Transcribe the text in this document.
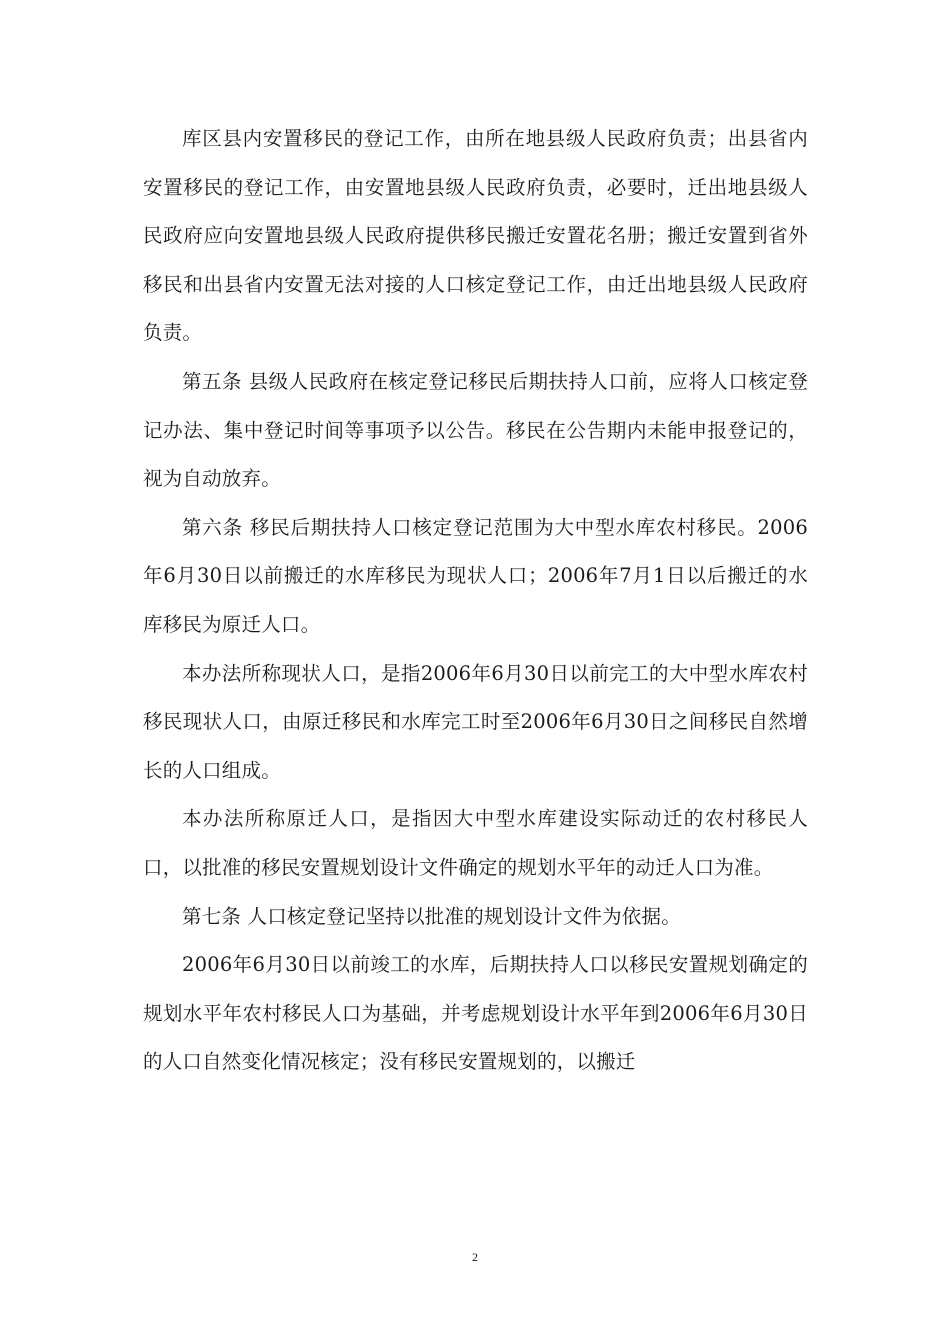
库区县内安置移民的登记工作，由所在地县级人民政府负责；出县省内安置移民的登记工作，由安置地县级人民政府负责，必要时，迁出地县级人民政府应向安置地县级人民政府提供移民搬迁安置花名册；搬迁安置到省外移民和出县省内安置无法对接的人口核定登记工作，由迁出地县级人民政府负责。

第五条 县级人民政府在核定登记移民后期扶持人口前，应将人口核定登记办法、集中登记时间等事项予以公告。移民在公告期内未能申报登记的，视为自动放弃。

第六条 移民后期扶持人口核定登记范围为大中型水库农村移民。2006年6月30日以前搬迁的水库移民为现状人口；2006年7月1日以后搬迁的水库移民为原迁人口。

本办法所称现状人口，是指2006年6月30日以前完工的大中型水库农村移民现状人口，由原迁移民和水库完工时至2006年6月30日之间移民自然增长的人口组成。

本办法所称原迁人口，是指因大中型水库建设实际动迁的农村移民人口，以批准的移民安置规划设计文件确定的规划水平年的动迁人口为准。

第七条 人口核定登记坚持以批准的规划设计文件为依据。

2006年6月30日以前竣工的水库，后期扶持人口以移民安置规划确定的规划水平年农村移民人口为基础，并考虑规划设计水平年到2006年6月30日的人口自然变化情况核定；没有移民安置规划的，以搬迁

2
